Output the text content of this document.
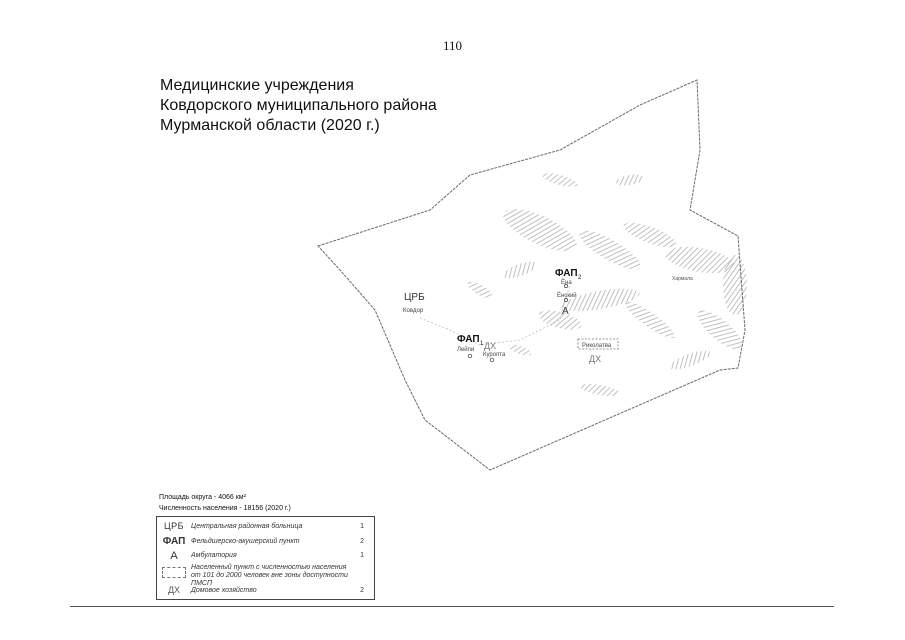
110
Медицинские учреждения
Ковдорского муниципального района
Мурманской области (2020 г.)
ЦРБ
Ковдор
ФАП 1
Лейпи ДХ
Куропта
ФАП 2
Ёна
Ёнский
А
Риколатва
ДХ
Хармала
Площадь округа - 4066 км²
Численность населения - 18156 (2020 г.)
ЦРБ Центральная районная больница	1
ФАП Фельдшерско-акушерский пункт	2
А	Амбулатория	1
Населенный пункт с численностью населения от 101 до 2000 человек вне зоны доступности ПМСП
ДХ	Домовое хозяйство	2
